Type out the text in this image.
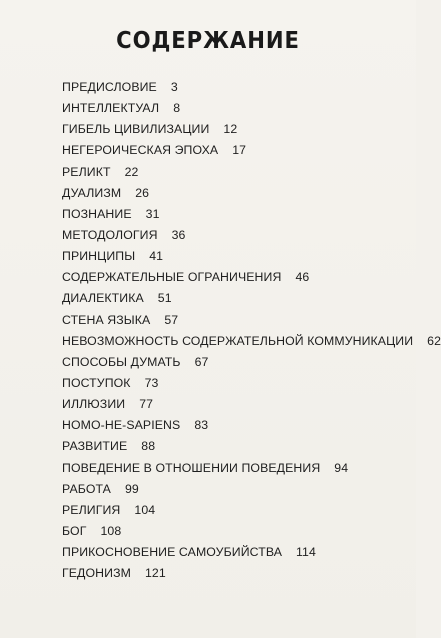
СОДЕРЖАНИЕ
ПРЕДИСЛОВИЕ 3
ИНТЕЛЛЕКТУАЛ 8
ГИБЕЛЬ ЦИВИЛИЗАЦИИ 12
НЕГЕРОИЧЕСКАЯ ЭПОХА 17
РЕЛИКТ 22
ДУАЛИЗМ 26
ПОЗНАНИЕ 31
МЕТОДОЛОГИЯ 36
ПРИНЦИПЫ 41
СОДЕРЖАТЕЛЬНЫЕ ОГРАНИЧЕНИЯ 46
ДИАЛЕКТИКА 51
СТЕНА ЯЗЫКА 57
НЕВОЗМОЖНОСТЬ СОДЕРЖАТЕЛЬНОЙ КОММУНИКАЦИИ 62
СПОСОБЫ ДУМАТЬ 67
ПОСТУПОК 73
ИЛЛЮЗИИ 77
HOMO-НЕ-SAPIENS 83
РАЗВИТИЕ 88
ПОВЕДЕНИЕ В ОТНОШЕНИИ ПОВЕДЕНИЯ 94
РАБОТА 99
РЕЛИГИЯ 104
БОГ 108
ПРИКОСНОВЕНИЕ САМОУБИЙСТВА 114
ГЕДОНИЗМ 121
